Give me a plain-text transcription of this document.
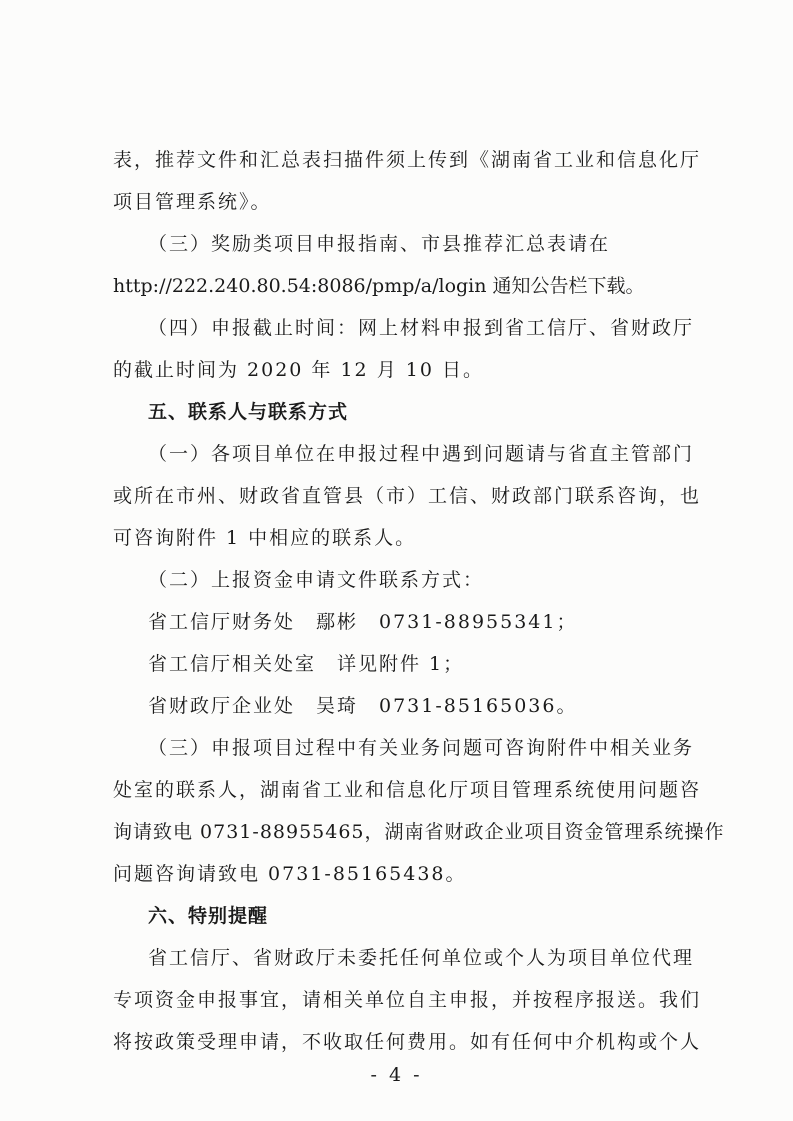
表，推荐文件和汇总表扫描件须上传到《湖南省工业和信息化厅
项目管理系统》。
（三）奖励类项目申报指南、市县推荐汇总表请在
http://222.240.80.54:8086/pmp/a/login 通知公告栏下载。
（四）申报截止时间：网上材料申报到省工信厅、省财政厅
的截止时间为 2020 年 12 月 10 日。
五、联系人与联系方式
（一）各项目单位在申报过程中遇到问题请与省直主管部门
或所在市州、财政省直管县（市）工信、财政部门联系咨询，也
可咨询附件 1 中相应的联系人。
（二）上报资金申请文件联系方式：
省工信厅财务处　鄢彬　0731-88955341；
省工信厅相关处室　详见附件 1；
省财政厅企业处　吴琦　0731-85165036。
（三）申报项目过程中有关业务问题可咨询附件中相关业务
处室的联系人，湖南省工业和信息化厅项目管理系统使用问题咨
询请致电 0731-88955465，湖南省财政企业项目资金管理系统操作
问题咨询请致电 0731-85165438。
六、特别提醒
省工信厅、省财政厅未委托任何单位或个人为项目单位代理
专项资金申报事宜，请相关单位自主申报，并按程序报送。我们
将按政策受理申请，不收取任何费用。如有任何中介机构或个人
- 4 -
